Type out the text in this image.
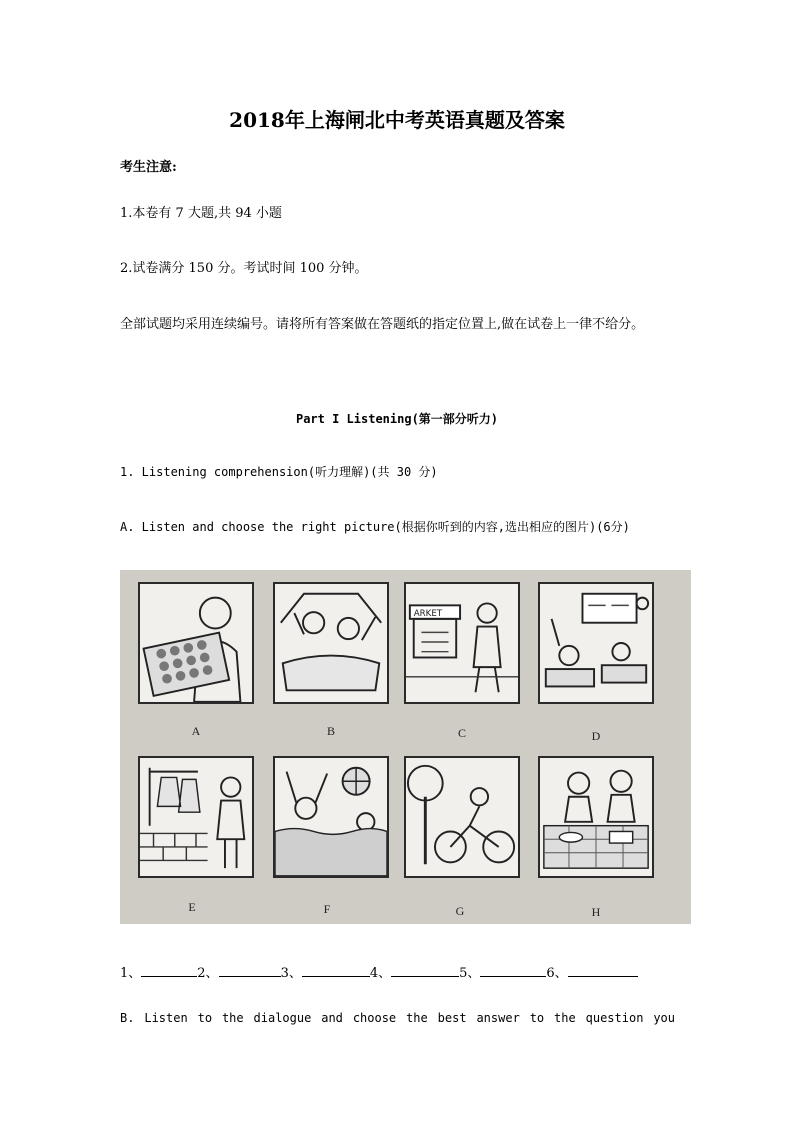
2018年上海闸北中考英语真题及答案
考生注意:
1.本卷有 7 大题,共 94 小题
2.试卷满分 150 分。考试时间 100 分钟。
全部试题均采用连续编号。请将所有答案做在答题纸的指定位置上,做在试卷上一律不给分。
Part I Listening(第一部分听力)
1. Listening comprehension(听力理解)(共 30 分)
A. Listen and choose the right picture(根据你听到的内容,选出相应的图片)(6分)
ARKET
A	B	C	D
E	F	G	H
1、	2、	3、	4、	5、	6、
B. Listen to the dialogue and choose the best answer to the question you
